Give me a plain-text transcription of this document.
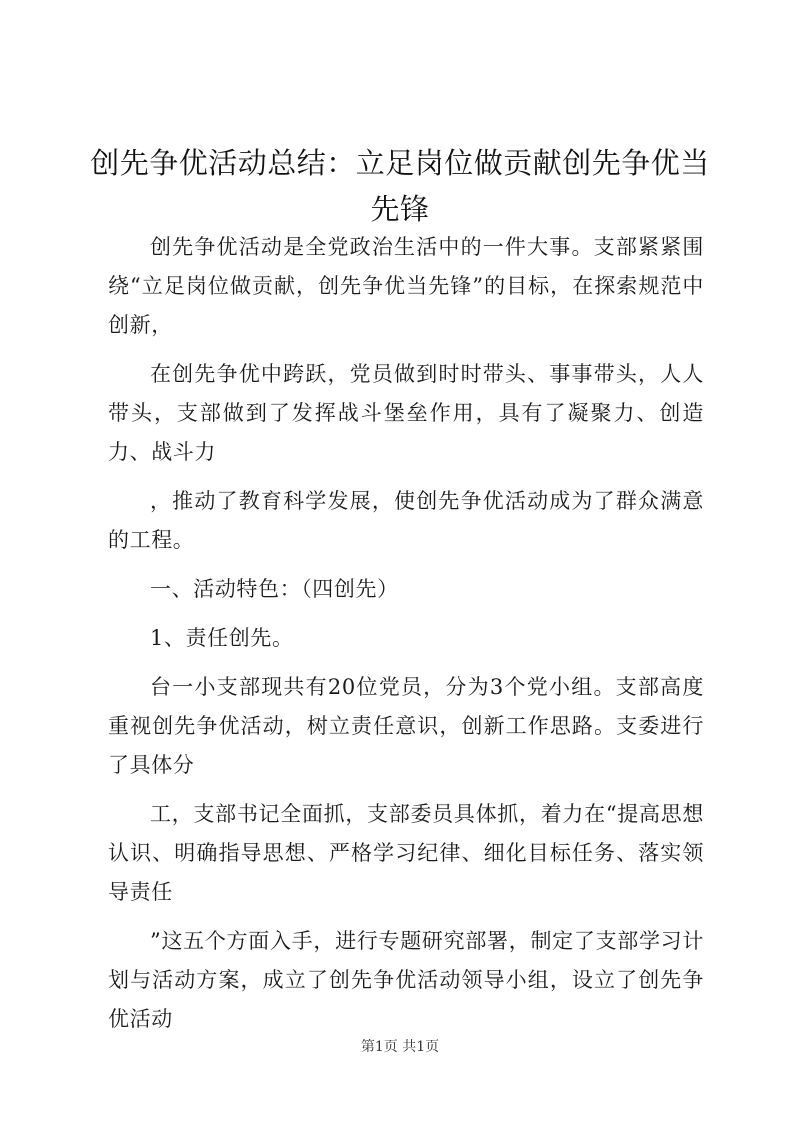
创先争优活动总结：立足岗位做贡献创先争优当先锋

创先争优活动是全党政治生活中的一件大事。支部紧紧围绕“立足岗位做贡献，创先争优当先锋”的目标，在探索规范中创新，

在创先争优中跨跃，党员做到时时带头、事事带头，人人带头，支部做到了发挥战斗堡垒作用，具有了凝聚力、创造力、战斗力

，推动了教育科学发展，使创先争优活动成为了群众满意的工程。

一、活动特色：（四创先）

1、责任创先。

台一小支部现共有20位党员，分为3个党小组。支部高度重视创先争优活动，树立责任意识，创新工作思路。支委进行了具体分

工，支部书记全面抓，支部委员具体抓，着力在“提高思想认识、明确指导思想、严格学习纪律、细化目标任务、落实领导责任

”这五个方面入手，进行专题研究部署，制定了支部学习计划与活动方案，成立了创先争优活动领导小组，设立了创先争优活动

第1页 共1页
